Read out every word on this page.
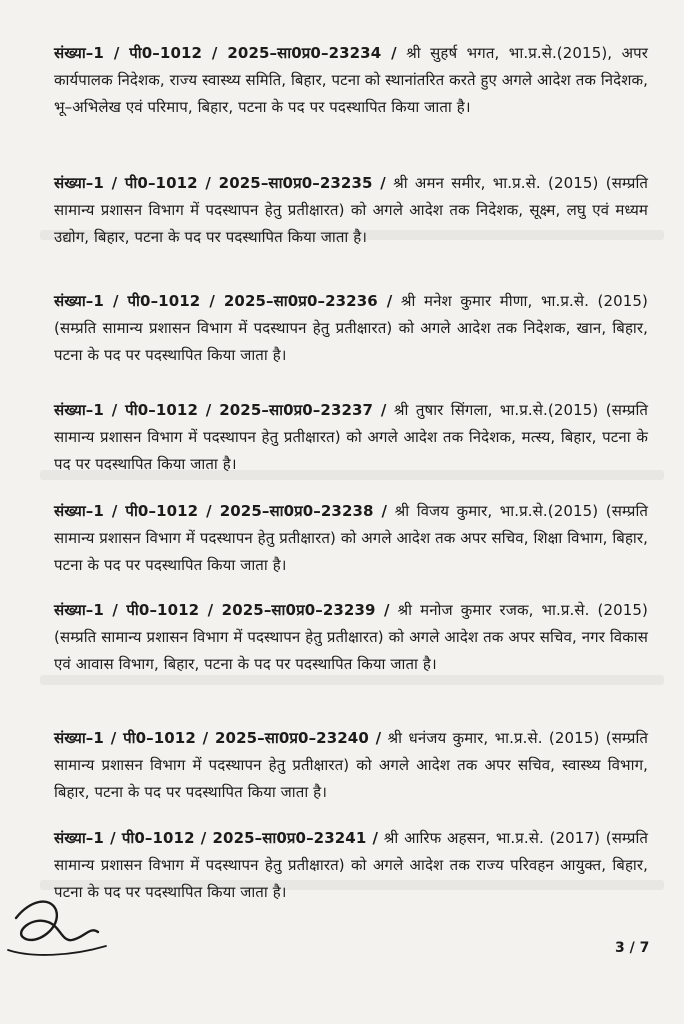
संख्या–1 / पी0–1012 / 2025–सा0प्र0–23234 / श्री सुहर्ष भगत, भा.प्र.से.(2015), अपर कार्यपालक निदेशक, राज्य स्वास्थ्य समिति, बिहार, पटना को स्थानांतरित करते हुए अगले आदेश तक निदेशक, भू–अभिलेख एवं परिमाप, बिहार, पटना के पद पर पदस्थापित किया जाता है।
संख्या–1 / पी0–1012 / 2025–सा0प्र0–23235 / श्री अमन समीर, भा.प्र.से. (2015) (सम्प्रति सामान्य प्रशासन विभाग में पदस्थापन हेतु प्रतीक्षारत) को अगले आदेश तक निदेशक, सूक्ष्म, लघु एवं मध्यम उद्योग, बिहार, पटना के पद पर पदस्थापित किया जाता है।
संख्या–1 / पी0–1012 / 2025–सा0प्र0–23236 / श्री मनेश कुमार मीणा, भा.प्र.से. (2015) (सम्प्रति सामान्य प्रशासन विभाग में पदस्थापन हेतु प्रतीक्षारत) को अगले आदेश तक निदेशक, खान, बिहार, पटना के पद पर पदस्थापित किया जाता है।
संख्या–1 / पी0–1012 / 2025–सा0प्र0–23237 / श्री तुषार सिंगला, भा.प्र.से.(2015) (सम्प्रति सामान्य प्रशासन विभाग में पदस्थापन हेतु प्रतीक्षारत) को अगले आदेश तक निदेशक, मत्स्य, बिहार, पटना के पद पर पदस्थापित किया जाता है।
संख्या–1 / पी0–1012 / 2025–सा0प्र0–23238 / श्री विजय कुमार, भा.प्र.से.(2015) (सम्प्रति सामान्य प्रशासन विभाग में पदस्थापन हेतु प्रतीक्षारत) को अगले आदेश तक अपर सचिव, शिक्षा विभाग, बिहार, पटना के पद पर पदस्थापित किया जाता है।
संख्या–1 / पी0–1012 / 2025–सा0प्र0–23239 / श्री मनोज कुमार रजक, भा.प्र.से. (2015) (सम्प्रति सामान्य प्रशासन विभाग में पदस्थापन हेतु प्रतीक्षारत) को अगले आदेश तक अपर सचिव, नगर विकास एवं आवास विभाग, बिहार, पटना के पद पर पदस्थापित किया जाता है।
संख्या–1 / पी0–1012 / 2025–सा0प्र0–23240 / श्री धनंजय कुमार, भा.प्र.से. (2015) (सम्प्रति सामान्य प्रशासन विभाग में पदस्थापन हेतु प्रतीक्षारत) को अगले आदेश तक अपर सचिव, स्वास्थ्य विभाग, बिहार, पटना के पद पर पदस्थापित किया जाता है।
संख्या–1 / पी0–1012 / 2025–सा0प्र0–23241 / श्री आरिफ अहसन, भा.प्र.से. (2017) (सम्प्रति सामान्य प्रशासन विभाग में पदस्थापन हेतु प्रतीक्षारत) को अगले आदेश तक राज्य परिवहन आयुक्त, बिहार, पटना के पद पर पदस्थापित किया जाता है।
3 / 7
